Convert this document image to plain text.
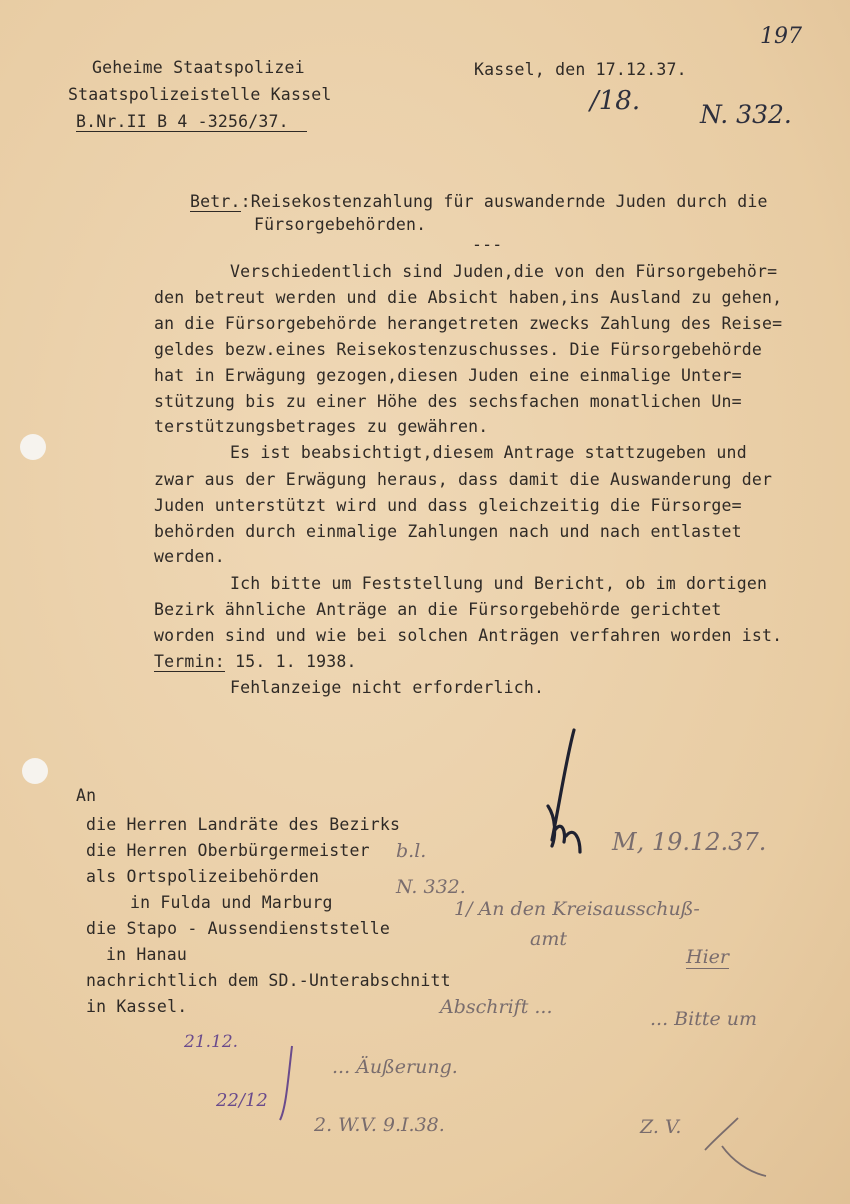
197
/18. N. 332.
Geheime Staatspolizei
Staatspolizeistelle Kassel
B.Nr.II B 4 -3256/37.
Kassel, den 17.12.37.
Betr.:Reisekostenzahlung für auswandernde Juden durch die
Fürsorgebehörden.
---
Verschiedentlich sind Juden,die von den Fürsorgebehör=
den betreut werden und die Absicht haben,ins Ausland zu gehen,
an die Fürsorgebehörde herangetreten zwecks Zahlung des Reise=
geldes bezw.eines Reisekostenzuschusses. Die Fürsorgebehörde
hat in Erwägung gezogen,diesen Juden eine einmalige Unter=
stützung bis zu einer Höhe des sechsfachen monatlichen Un=
terstützungsbetrages zu gewähren.
Es ist beabsichtigt,diesem Antrage stattzugeben und
zwar aus der Erwägung heraus, dass damit die Auswanderung der
Juden unterstützt wird und dass gleichzeitig die Fürsorge=
behörden durch einmalige Zahlungen nach und nach entlastet
werden.
Ich bitte um Feststellung und Bericht, ob im dortigen
Bezirk ähnliche Anträge an die Fürsorgebehörde gerichtet
worden sind und wie bei solchen Anträgen verfahren worden ist.
Termin: 15. 1. 1938.
Fehlanzeige nicht erforderlich.
An
die Herren Landräte des Bezirks
die Herren Oberbürgermeister
als Ortspolizeibehörden
in Fulda und Marburg
die Stapo - Aussendienststelle
in Hanau
nachrichtlich dem SD.-Unterabschnitt
in Kassel.
M, 19.12.37.
b.l.
N. 332.
1/ An den Kreisausschuß-
amt
Hier
Abschrift ...
... Bitte um
... Äußerung.
2. W.V. 9.I.38.	Z. V.
21.12.
22/12
